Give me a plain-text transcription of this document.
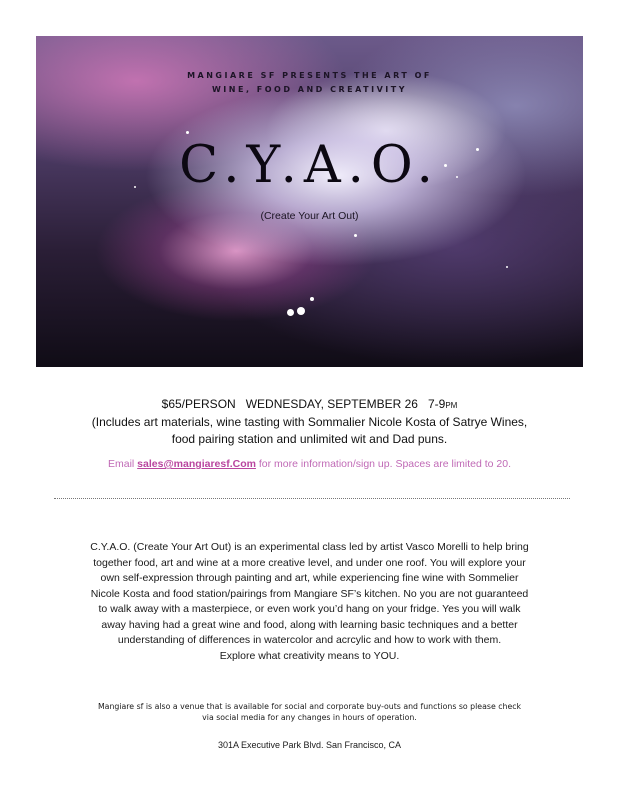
MANGIARE SF PRESENTS THE ART OF
WINE, FOOD AND CREATIVITY
C.Y.A.O.
(Create Your Art Out)
$65/PERSON WEDNESDAY, SEPTEMBER 26 7-9PM
(Includes art materials, wine tasting with Sommalier Nicole Kosta of Satrye Wines,
food pairing station and unlimited wit and Dad puns.
Email sales@mangiaresf.Com for more information/sign up. Spaces are limited to 20.
C.Y.A.O. (Create Your Art Out) is an experimental class led by artist Vasco Morelli to help bring
together food, art and wine at a more creative level, and under one roof. You will explore your
own self-expression through painting and art, while experiencing fine wine with Sommelier
Nicole Kosta and food station/pairings from Mangiare SF’s kitchen. No you are not guaranteed
to walk away with a masterpiece, or even work you’d hang on your fridge. Yes you will walk
away having had a great wine and food, along with learning basic techniques and a better
understanding of differences in watercolor and acrcylic and how to work with them.
Explore what creativity means to YOU.
Mangiare sf is also a venue that is available for social and corporate buy-outs and functions so please check
via social media for any changes in hours of operation.
301A Executive Park Blvd. San Francisco, CA
